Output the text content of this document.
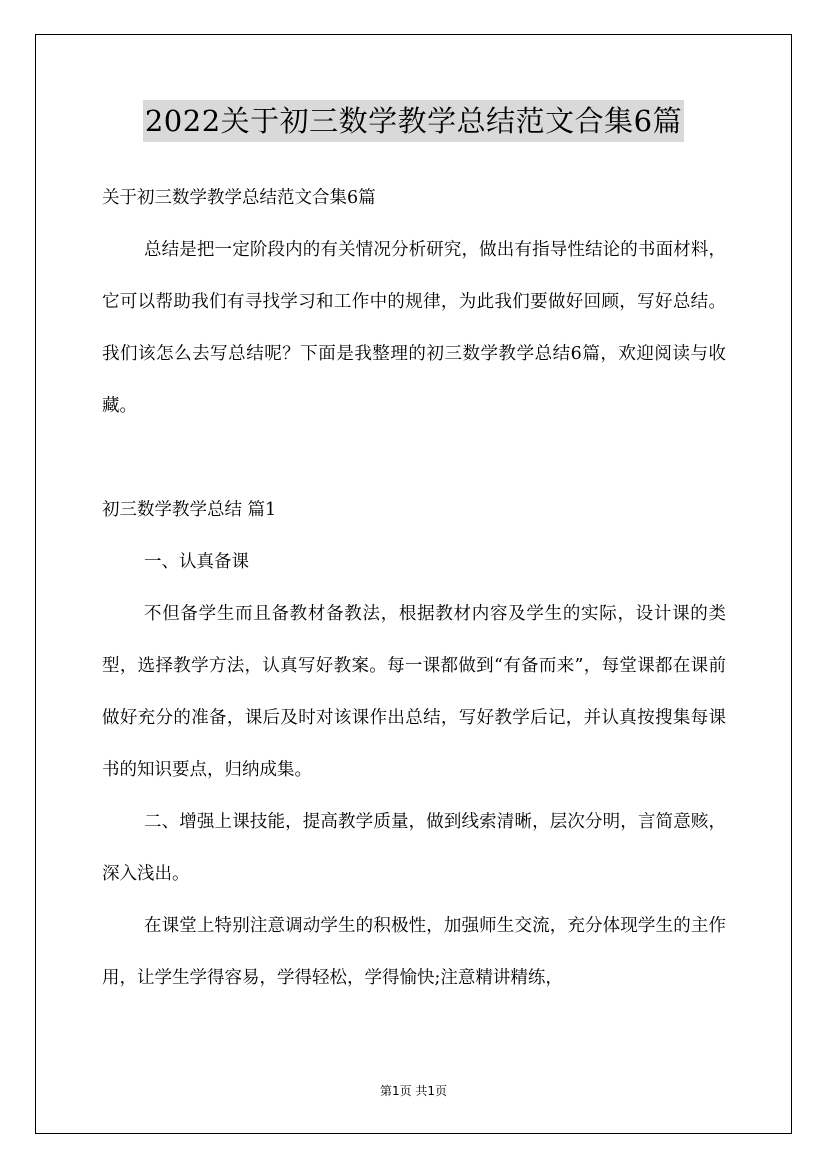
2022关于初三数学教学总结范文合集6篇
关于初三数学教学总结范文合集6篇

总结是把一定阶段内的有关情况分析研究，做出有指导性结论的书面材料，它可以帮助我们有寻找学习和工作中的规律，为此我们要做好回顾，写好总结。我们该怎么去写总结呢？下面是我整理的初三数学教学总结6篇，欢迎阅读与收藏。

初三数学教学总结 篇1

一、认真备课

不但备学生而且备教材备教法，根据教材内容及学生的实际，设计课的类型，选择教学方法，认真写好教案。每一课都做到“有备而来”，每堂课都在课前做好充分的准备，课后及时对该课作出总结，写好教学后记，并认真按搜集每课书的知识要点，归纳成集。

二、增强上课技能，提高教学质量，做到线索清晰，层次分明，言简意赅，深入浅出。

在课堂上特别注意调动学生的积极性，加强师生交流，充分体现学生的主作用，让学生学得容易，学得轻松，学得愉快;注意精讲精练，

第1页 共1页
